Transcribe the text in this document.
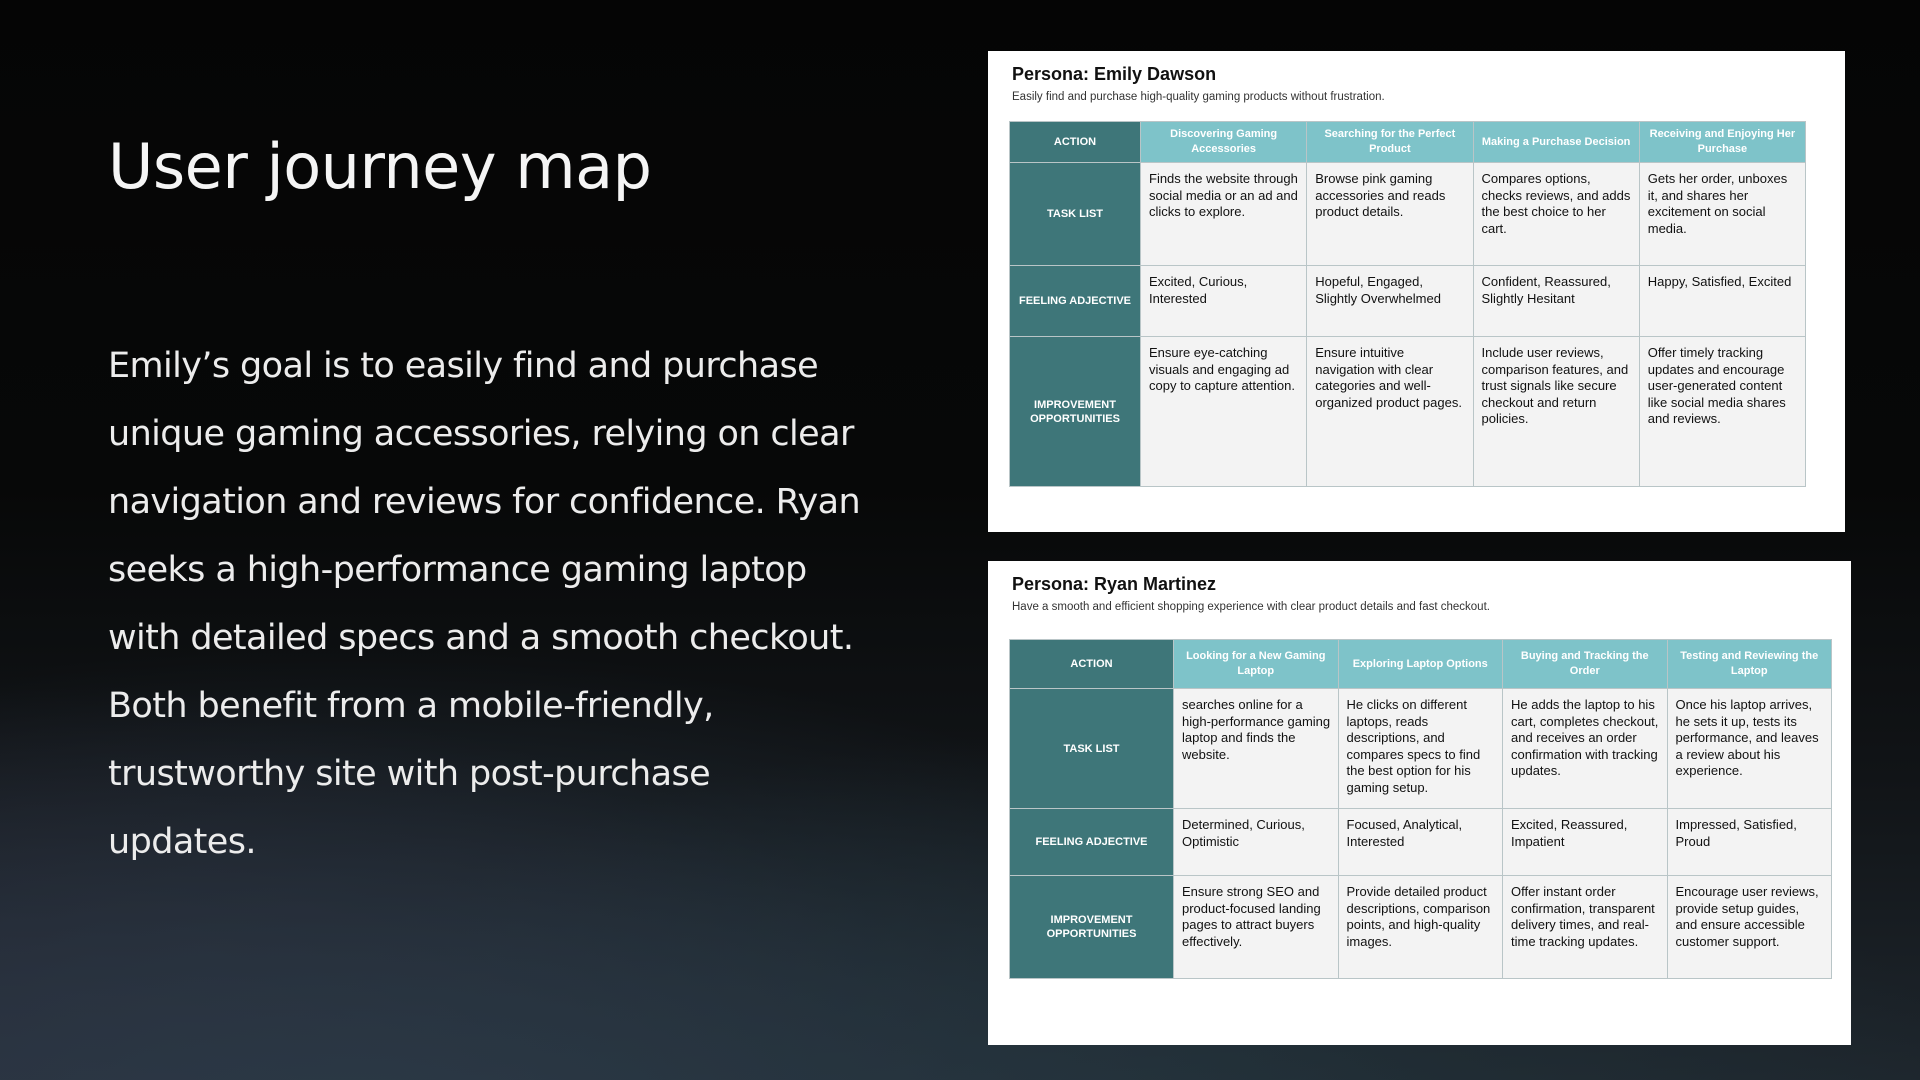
User journey map

Emily’s goal is to easily find and purchase unique gaming accessories, relying on clear navigation and reviews for confidence. Ryan seeks a high-performance gaming laptop with detailed specs and a smooth checkout. Both benefit from a mobile-friendly, trustworthy site with post-purchase updates.

Persona: Emily Dawson

Easily find and purchase high-quality gaming products without frustration.

ACTION	Discovering Gaming Accessories	Searching for the Perfect Product	Making a Purchase Decision	Receiving and Enjoying Her Purchase
TASK LIST	Finds the website through social media or an ad and clicks to explore.	Browse pink gaming accessories and reads product details.	Compares options, checks reviews, and adds the best choice to her cart.	Gets her order, unboxes it, and shares her excitement on social media.
FEELING ADJECTIVE	Excited, Curious, Interested	Hopeful, Engaged, Slightly Overwhelmed	Confident, Reassured, Slightly Hesitant	Happy, Satisfied, Excited
IMPROVEMENT OPPORTUNITIES	Ensure eye-catching visuals and engaging ad copy to capture attention.	Ensure intuitive navigation with clear categories and well-organized product pages.	Include user reviews, comparison features, and trust signals like secure checkout and return policies.	Offer timely tracking updates and encourage user-generated content like social media shares and reviews.
Persona: Ryan Martinez

Have a smooth and efficient shopping experience with clear product details and fast checkout.

ACTION	Looking for a New Gaming Laptop	Exploring Laptop Options	Buying and Tracking the Order	Testing and Reviewing the Laptop
TASK LIST	searches online for a high-performance gaming laptop and finds the website.	He clicks on different laptops, reads descriptions, and compares specs to find the best option for his gaming setup.	He adds the laptop to his cart, completes checkout, and receives an order confirmation with tracking updates.	Once his laptop arrives, he sets it up, tests its performance, and leaves a review about his experience.
FEELING ADJECTIVE	Determined, Curious, Optimistic	Focused, Analytical, Interested	Excited, Reassured, Impatient	Impressed, Satisfied, Proud
IMPROVEMENT OPPORTUNITIES	Ensure strong SEO and product-focused landing pages to attract buyers effectively.	Provide detailed product descriptions, comparison points, and high-quality images.	Offer instant order confirmation, transparent delivery times, and real-time tracking updates.	Encourage user reviews, provide setup guides, and ensure accessible customer support.
